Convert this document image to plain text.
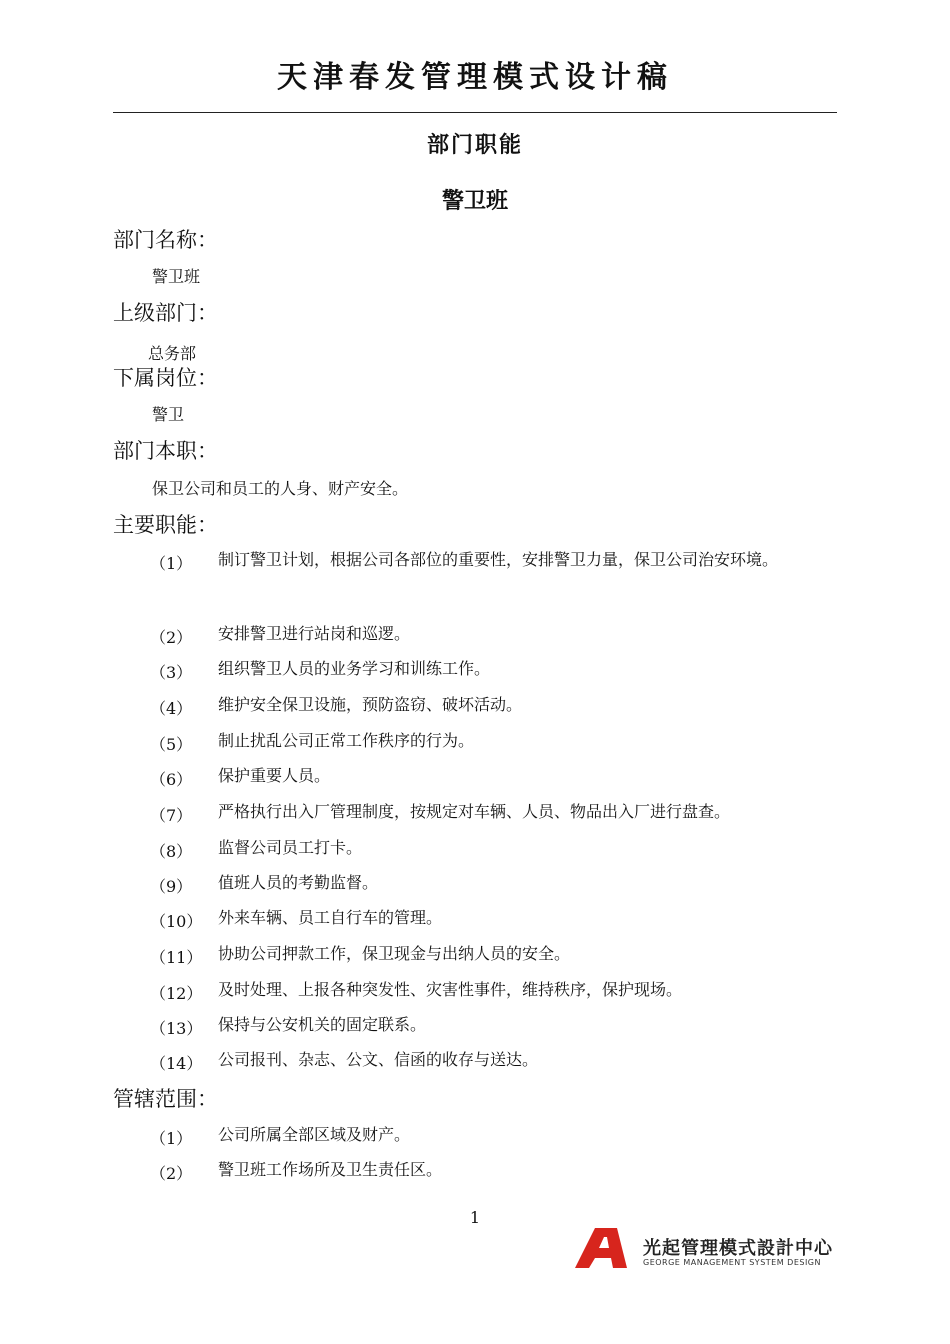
天津春发管理模式设计稿
部门职能
警卫班
部门名称：

警卫班

上级部门：

总务部

下属岗位：

警卫

部门本职：

保卫公司和员工的人身、财产安全。

主要职能：
（1） 制订警卫计划，根据公司各部位的重要性，安排警卫力量，保卫公司治安环境。
（2） 安排警卫进行站岗和巡逻。
（3） 组织警卫人员的业务学习和训练工作。
（4） 维护安全保卫设施，预防盗窃、破坏活动。
（5） 制止扰乱公司正常工作秩序的行为。
（6） 保护重要人员。
（7） 严格执行出入厂管理制度，按规定对车辆、人员、物品出入厂进行盘查。
（8） 监督公司员工打卡。
（9） 值班人员的考勤监督。
（10） 外来车辆、员工自行车的管理。
（11） 协助公司押款工作，保卫现金与出纳人员的安全。
（12） 及时处理、上报各种突发性、灾害性事件，维持秩序，保护现场。
（13） 保持与公安机关的固定联系。
（14） 公司报刊、杂志、公文、信函的收存与送达。
管辖范围：
（1） 公司所属全部区域及财产。
（2） 警卫班工作场所及卫生责任区。
1
光起管理模式設計中心
GEORGE MANAGEMENT SYSTEM DESIGN
